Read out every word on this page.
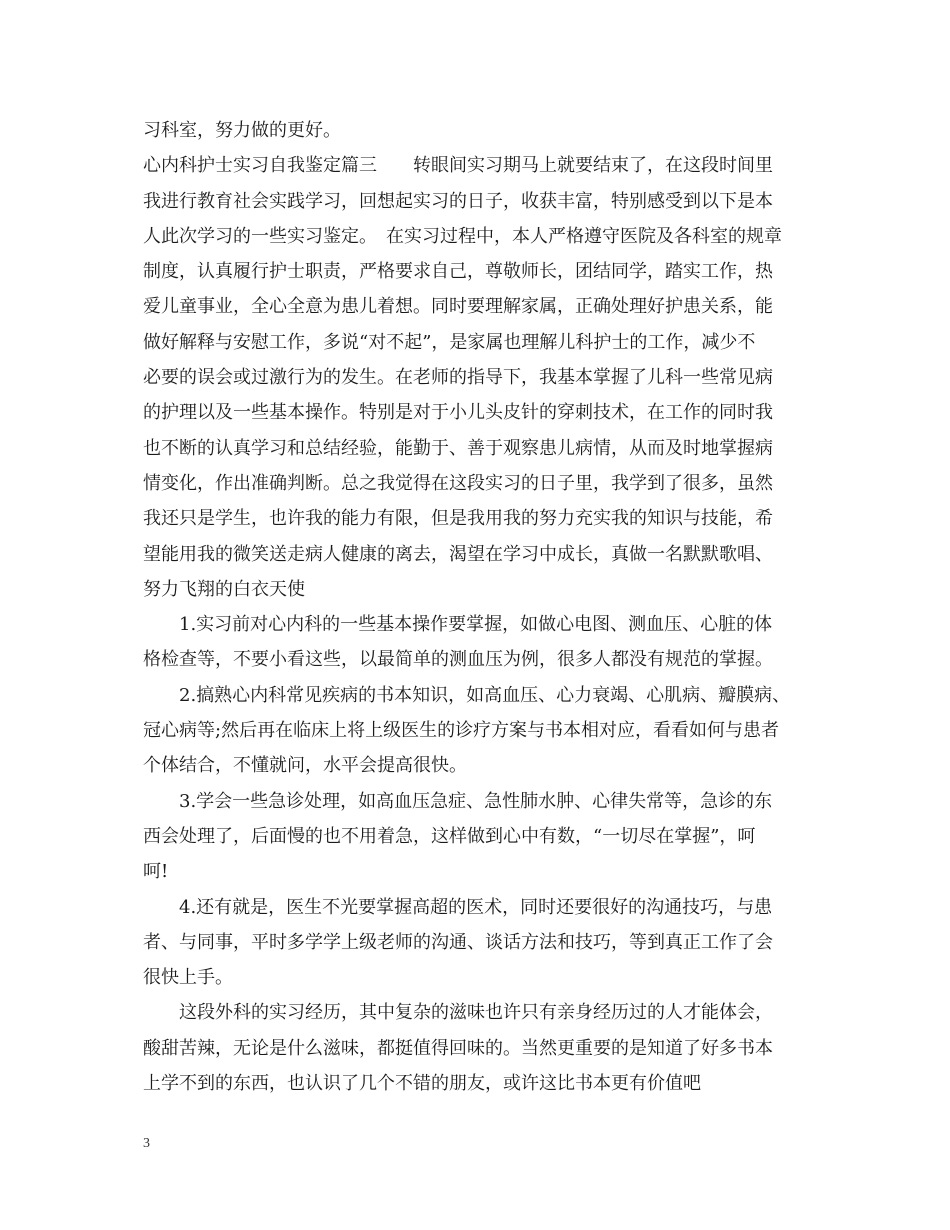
习科室，努力做的更好。

心内科护士实习自我鉴定篇三　　转眼间实习期马上就要结束了，在这段时间里

我进行教育社会实践学习，回想起实习的日子，收获丰富，特别感受到以下是本

人此次学习的一些实习鉴定。　在实习过程中，本人严格遵守医院及各科室的规章

制度，认真履行护士职责，严格要求自己，尊敬师长，团结同学，踏实工作，热

爱儿童事业，全心全意为患儿着想。同时要理解家属，正确处理好护患关系，能

做好解释与安慰工作，多说“对不起”，是家属也理解儿科护士的工作，减少不

必要的误会或过激行为的发生。在老师的指导下，我基本掌握了儿科一些常见病

的护理以及一些基本操作。特别是对于小儿头皮针的穿刺技术，在工作的同时我

也不断的认真学习和总结经验，能勤于、善于观察患儿病情，从而及时地掌握病

情变化，作出准确判断。总之我觉得在这段实习的日子里，我学到了很多，虽然

我还只是学生，也许我的能力有限，但是我用我的努力充实我的知识与技能，希

望能用我的微笑送走病人健康的离去，渴望在学习中成长，真做一名默默歌唱、

努力飞翔的白衣天使

　　1.实习前对心内科的一些基本操作要掌握，如做心电图、测血压、心脏的体

格检查等，不要小看这些，以最简单的测血压为例，很多人都没有规范的掌握。

　　2.搞熟心内科常见疾病的书本知识，如高血压、心力衰竭、心肌病、瓣膜病、

冠心病等;然后再在临床上将上级医生的诊疗方案与书本相对应，看看如何与患者

个体结合，不懂就问，水平会提高很快。

　　3.学会一些急诊处理，如高血压急症、急性肺水肿、心律失常等，急诊的东

西会处理了，后面慢的也不用着急，这样做到心中有数，“一切尽在掌握”，呵

呵!

　　4.还有就是，医生不光要掌握高超的医术，同时还要很好的沟通技巧，与患

者、与同事，平时多学学上级老师的沟通、谈话方法和技巧，等到真正工作了会

很快上手。

　　这段外科的实习经历，其中复杂的滋味也许只有亲身经历过的人才能体会，

酸甜苦辣，无论是什么滋味，都挺值得回味的。当然更重要的是知道了好多书本

上学不到的东西，也认识了几个不错的朋友，或许这比书本更有价值吧

3
